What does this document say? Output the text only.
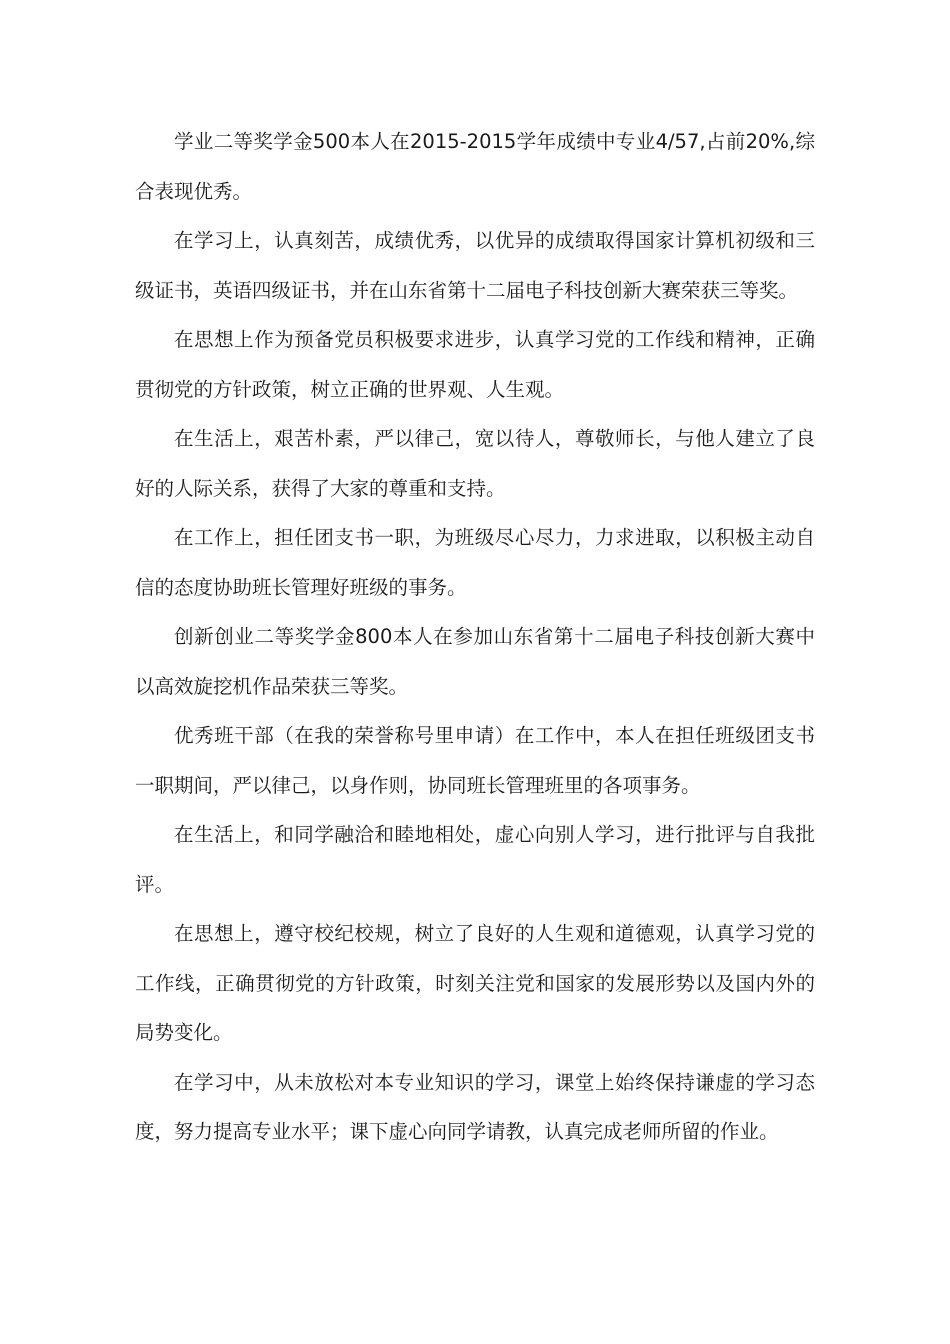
学业二等奖学金500本人在2015-2015学年成绩中专业4/57,占前20%,综合表现优秀。

在学习上，认真刻苦，成绩优秀，以优异的成绩取得国家计算机初级和三级证书，英语四级证书，并在山东省第十二届电子科技创新大赛荣获三等奖。

在思想上作为预备党员积极要求进步，认真学习党的工作线和精神，正确贯彻党的方针政策，树立正确的世界观、人生观。

在生活上，艰苦朴素，严以律己，宽以待人，尊敬师长，与他人建立了良好的人际关系，获得了大家的尊重和支持。

在工作上，担任团支书一职，为班级尽心尽力，力求进取，以积极主动自信的态度协助班长管理好班级的事务。

创新创业二等奖学金800本人在参加山东省第十二届电子科技创新大赛中以高效旋挖机作品荣获三等奖。

优秀班干部（在我的荣誉称号里申请）在工作中，本人在担任班级团支书一职期间，严以律己，以身作则，协同班长管理班里的各项事务。

在生活上，和同学融洽和睦地相处，虚心向别人学习，进行批评与自我批评。

在思想上，遵守校纪校规，树立了良好的人生观和道德观，认真学习党的工作线，正确贯彻党的方针政策，时刻关注党和国家的发展形势以及国内外的局势变化。

在学习中，从未放松对本专业知识的学习，课堂上始终保持谦虚的学习态度，努力提高专业水平；课下虚心向同学请教，认真完成老师所留的作业。
